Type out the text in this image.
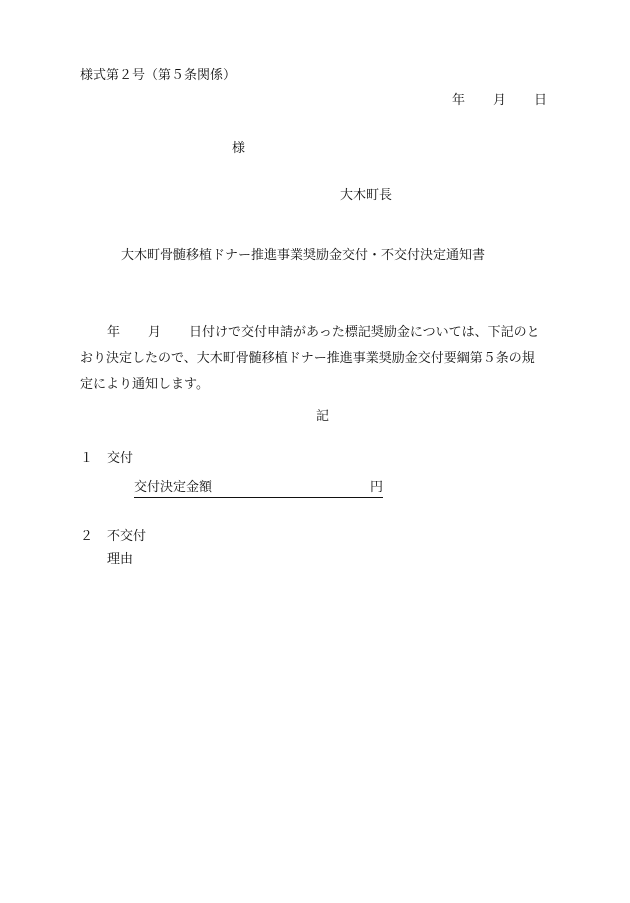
様式第２号（第５条関係）
年 月 日
様
大木町長
大木町骨髄移植ドナー推進事業奨励金交付・不交付決定通知書

年 月 日付けで交付申請があった標記奨励金については、下記のと

おり決定したので、大木町骨髄移植ドナー推進事業奨励金交付要綱第５条の規

定により通知します。

記
１ 交付
交付決定金額	円
２ 不交付
理由
